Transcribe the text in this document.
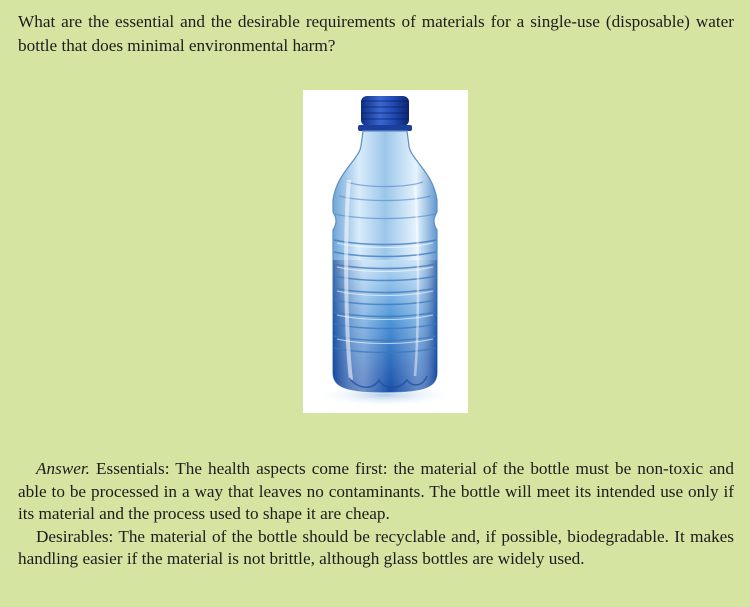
What are the essential and the desirable requirements of materials for a single-use (disposable) water bottle that does minimal environmental harm?

Answer. Essentials: The health aspects come first: the material of the bottle must be non-toxic and able to be processed in a way that leaves no contaminants. The bottle will meet its intended use only if its material and the process used to shape it are cheap.

Desirables: The material of the bottle should be recyclable and, if possible, biodegradable. It makes handling easier if the material is not brittle, although glass bottles are widely used.
